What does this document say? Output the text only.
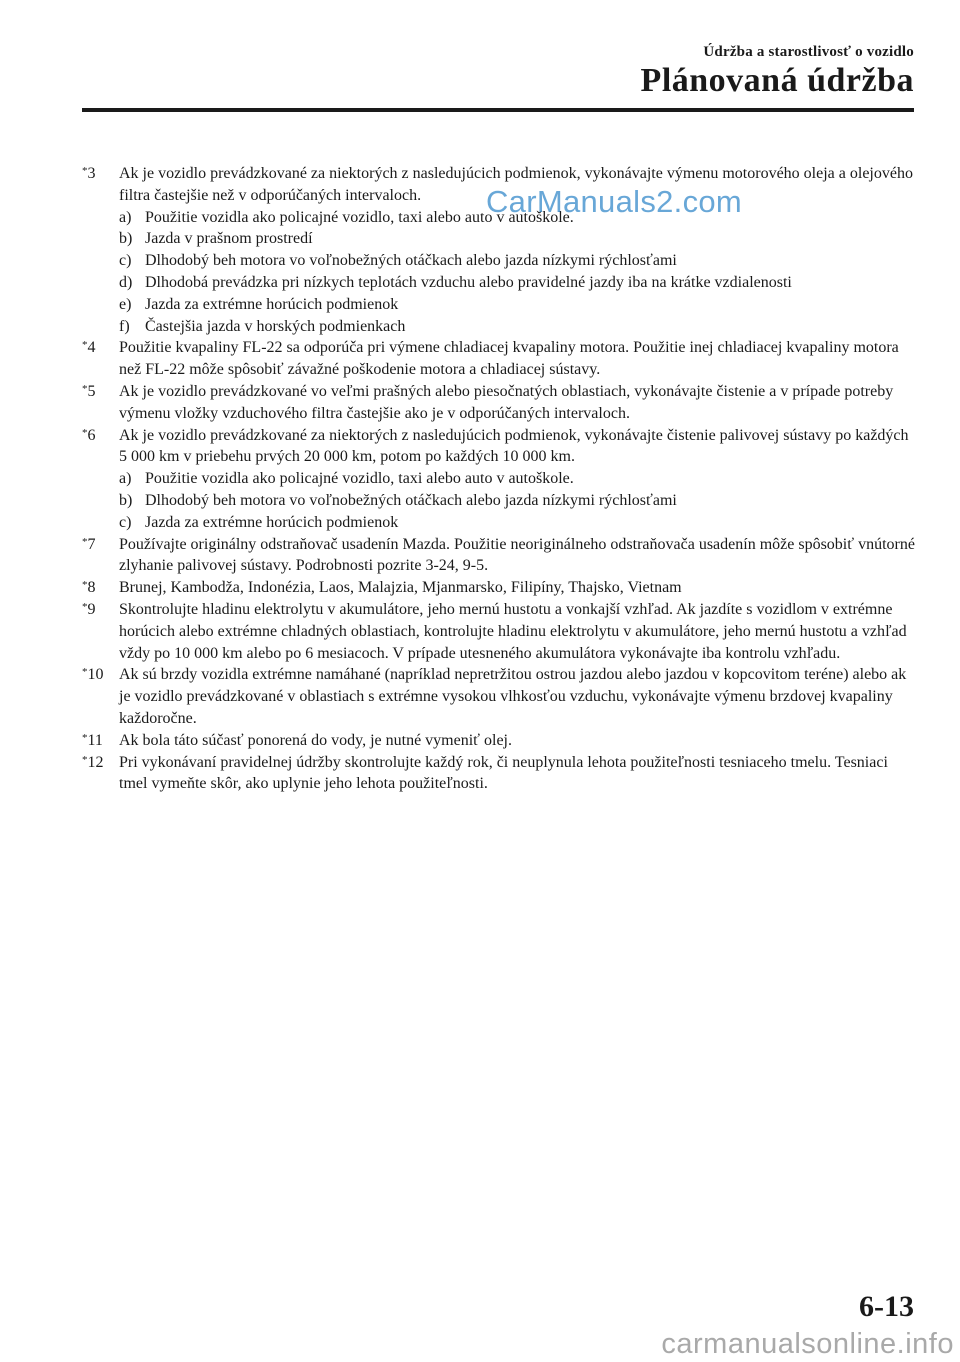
Údržba a starostlivosť o vozidlo
Plánovaná údržba
*3 Ak je vozidlo prevádzkované za niektorých z nasledujúcich podmienok, vykonávajte výmenu motorového oleja a olejového filtra častejšie než v odporúčaných intervaloch.
a) Použitie vozidla ako policajné vozidlo, taxi alebo auto v autoškole.
b) Jazda v prašnom prostredí
c) Dlhodobý beh motora vo voľnobežných otáčkach alebo jazda nízkymi rýchlosťami
d) Dlhodobá prevádzka pri nízkych teplotách vzduchu alebo pravidelné jazdy iba na krátke vzdialenosti
e) Jazda za extrémne horúcich podmienok
f) Častejšia jazda v horských podmienkach
*4 Použitie kvapaliny FL-22 sa odporúča pri výmene chladiacej kvapaliny motora. Použitie inej chladiacej kvapaliny motora než FL-22 môže spôsobiť závažné poškodenie motora a chladiacej sústavy.
*5 Ak je vozidlo prevádzkované vo veľmi prašných alebo piesočnatých oblastiach, vykonávajte čistenie a v prípade potreby výmenu vložky vzduchového filtra častejšie ako je v odporúčaných intervaloch.
*6 Ak je vozidlo prevádzkované za niektorých z nasledujúcich podmienok, vykonávajte čistenie palivovej sústavy po každých 5 000 km v priebehu prvých 20 000 km, potom po každých 10 000 km.
a) Použitie vozidla ako policajné vozidlo, taxi alebo auto v autoškole.
b) Dlhodobý beh motora vo voľnobežných otáčkach alebo jazda nízkymi rýchlosťami
c) Jazda za extrémne horúcich podmienok
*7 Používajte originálny odstraňovač usadenín Mazda. Použitie neoriginálneho odstraňovača usadenín môže spôsobiť vnútorné zlyhanie palivovej sústavy. Podrobnosti pozrite 3-24, 9-5.
*8 Brunej, Kambodža, Indonézia, Laos, Malajzia, Mjanmarsko, Filipíny, Thajsko, Vietnam
*9 Skontrolujte hladinu elektrolytu v akumulátore, jeho mernú hustotu a vonkajší vzhľad. Ak jazdíte s vozidlom v extrémne horúcich alebo extrémne chladných oblastiach, kontrolujte hladinu elektrolytu v akumulátore, jeho mernú hustotu a vzhľad vždy po 10 000 km alebo po 6 mesiacoch. V prípade utesneného akumulátora vykonávajte iba kontrolu vzhľadu.
*10 Ak sú brzdy vozidla extrémne namáhané (napríklad nepretržitou ostrou jazdou alebo jazdou v kopcovitom teréne) alebo ak je vozidlo prevádzkované v oblastiach s extrémne vysokou vlhkosťou vzduchu, vykonávajte výmenu brzdovej kvapaliny každoročne.
*11 Ak bola táto súčasť ponorená do vody, je nutné vymeniť olej.
*12 Pri vykonávaní pravidelnej údržby skontrolujte každý rok, či neuplynula lehota použiteľnosti tesniaceho tmelu. Tesniaci tmel vymeňte skôr, ako uplynie jeho lehota použiteľnosti.
CarManuals2.com
6-13
carmanualsonline.info
